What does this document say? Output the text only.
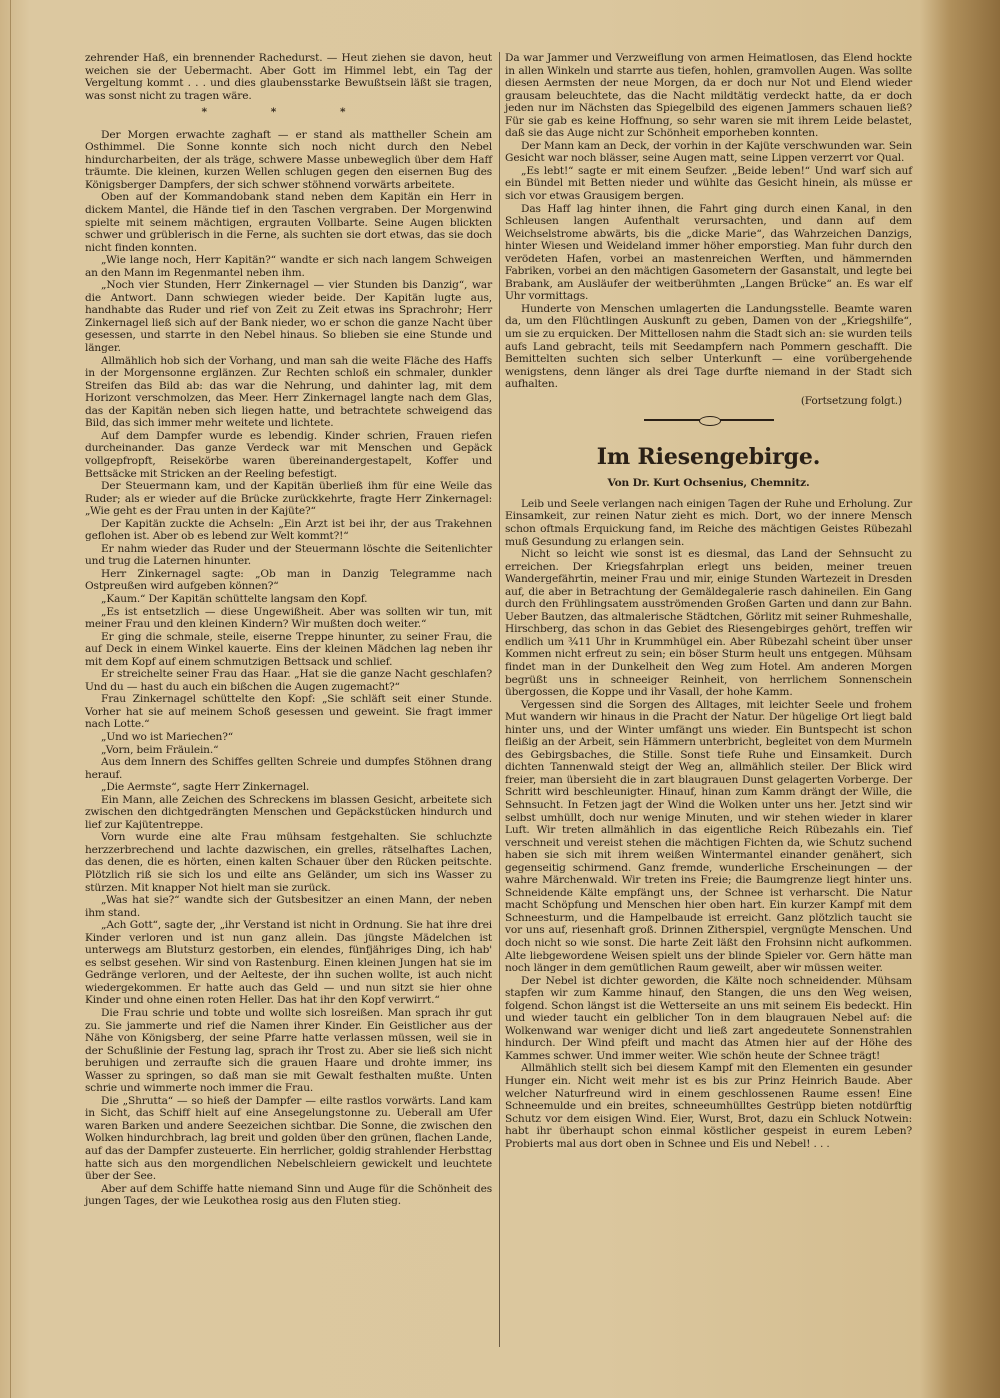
zehrender Haß, ein brennender Rachedurst. — Heut ziehen sie davon, heut weichen sie der Uebermacht. Aber Gott im Himmel lebt, ein Tag der Vergeltung kommt . . . und dies glaubensstarke Bewußtsein läßt sie tragen, was sonst nicht zu tragen wäre.

* * *

Der Morgen erwachte zaghaft — er stand als mattheller Schein am Osthimmel. Die Sonne konnte sich noch nicht durch den Nebel hindurcharbeiten, der als träge, schwere Masse unbeweglich über dem Haff träumte. Die kleinen, kurzen Wellen schlugen gegen den eisernen Bug des Königsberger Dampfers, der sich schwer stöhnend vorwärts arbeitete.

Oben auf der Kommandobank stand neben dem Kapitän ein Herr in dickem Mantel, die Hände tief in den Taschen vergraben. Der Morgenwind spielte mit seinem mächtigen, ergrauten Vollbarte. Seine Augen blickten schwer und grüblerisch in die Ferne, als suchten sie dort etwas, das sie doch nicht finden konnten.

„Wie lange noch, Herr Kapitän?“ wandte er sich nach langem Schweigen an den Mann im Regenmantel neben ihm.

„Noch vier Stunden, Herr Zinkernagel — vier Stunden bis Danzig“, war die Antwort. Dann schwiegen wieder beide. Der Kapitän lugte aus, handhabte das Ruder und rief von Zeit zu Zeit etwas ins Sprachrohr; Herr Zinkernagel ließ sich auf der Bank nieder, wo er schon die ganze Nacht über gesessen, und starrte in den Nebel hinaus. So blieben sie eine Stunde und länger.

Allmählich hob sich der Vorhang, und man sah die weite Fläche des Haffs in der Morgensonne erglänzen. Zur Rechten schloß ein schmaler, dunkler Streifen das Bild ab: das war die Nehrung, und dahinter lag, mit dem Horizont verschmolzen, das Meer. Herr Zinkernagel langte nach dem Glas, das der Kapitän neben sich liegen hatte, und betrachtete schweigend das Bild, das sich immer mehr weitete und lichtete.

Auf dem Dampfer wurde es lebendig. Kinder schrien, Frauen riefen durcheinander. Das ganze Verdeck war mit Menschen und Gepäck vollgepfropft, Reisekörbe waren übereinandergestapelt, Koffer und Bettsäcke mit Stricken an der Reeling befestigt.

Der Steuermann kam, und der Kapitän überließ ihm für eine Weile das Ruder; als er wieder auf die Brücke zurückkehrte, fragte Herr Zinkernagel: „Wie geht es der Frau unten in der Kajüte?“

Der Kapitän zuckte die Achseln: „Ein Arzt ist bei ihr, der aus Trakehnen geflohen ist. Aber ob es lebend zur Welt kommt?!“

Er nahm wieder das Ruder und der Steuermann löschte die Seitenlichter und trug die Laternen hinunter.

Herr Zinkernagel sagte: „Ob man in Danzig Telegramme nach Ostpreußen wird aufgeben können?“

„Kaum.“ Der Kapitän schüttelte langsam den Kopf.

„Es ist entsetzlich — diese Ungewißheit. Aber was sollten wir tun, mit meiner Frau und den kleinen Kindern? Wir mußten doch weiter.“

Er ging die schmale, steile, eiserne Treppe hinunter, zu seiner Frau, die auf Deck in einem Winkel kauerte. Eins der kleinen Mädchen lag neben ihr mit dem Kopf auf einem schmutzigen Bettsack und schlief.

Er streichelte seiner Frau das Haar. „Hat sie die ganze Nacht geschlafen? Und du — hast du auch ein bißchen die Augen zugemacht?“

Frau Zinkernagel schüttelte den Kopf: „Sie schläft seit einer Stunde. Vorher hat sie auf meinem Schoß gesessen und geweint. Sie fragt immer nach Lotte.“

„Und wo ist Mariechen?“

„Vorn, beim Fräulein.“

Aus dem Innern des Schiffes gellten Schreie und dumpfes Stöhnen drang herauf.

„Die Aermste“, sagte Herr Zinkernagel.

Ein Mann, alle Zeichen des Schreckens im blassen Gesicht, arbeitete sich zwischen den dichtgedrängten Menschen und Gepäckstücken hindurch und lief zur Kajütentreppe.

Vorn wurde eine alte Frau mühsam festgehalten. Sie schluchzte herzzerbrechend und lachte dazwischen, ein grelles, rätselhaftes Lachen, das denen, die es hörten, einen kalten Schauer über den Rücken peitschte. Plötzlich riß sie sich los und eilte ans Geländer, um sich ins Wasser zu stürzen. Mit knapper Not hielt man sie zurück.

„Was hat sie?“ wandte sich der Gutsbesitzer an einen Mann, der neben ihm stand.

„Ach Gott“, sagte der, „ihr Verstand ist nicht in Ordnung. Sie hat ihre drei Kinder verloren und ist nun ganz allein. Das jüngste Mädelchen ist unterwegs am Blutsturz gestorben, ein elendes, fünfjähriges Ding, ich hab' es selbst gesehen. Wir sind von Rastenburg. Einen kleinen Jungen hat sie im Gedränge verloren, und der Aelteste, der ihn suchen wollte, ist auch nicht wiedergekommen. Er hatte auch das Geld — und nun sitzt sie hier ohne Kinder und ohne einen roten Heller. Das hat ihr den Kopf verwirrt.“

Die Frau schrie und tobte und wollte sich losreißen. Man sprach ihr gut zu. Sie jammerte und rief die Namen ihrer Kinder. Ein Geistlicher aus der Nähe von Königsberg, der seine Pfarre hatte verlassen müssen, weil sie in der Schußlinie der Festung lag, sprach ihr Trost zu. Aber sie ließ sich nicht beruhigen und zerraufte sich die grauen Haare und drohte immer, ins Wasser zu springen, so daß man sie mit Gewalt festhalten mußte. Unten schrie und wimmerte noch immer die Frau.

Die „Shrutta“ — so hieß der Dampfer — eilte rastlos vorwärts. Land kam in Sicht, das Schiff hielt auf eine Ansegelungstonne zu. Ueberall am Ufer waren Barken und andere Seezeichen sichtbar. Die Sonne, die zwischen den Wolken hindurchbrach, lag breit und golden über den grünen, flachen Lande, auf das der Dampfer zusteuerte. Ein herrlicher, goldig strahlender Herbsttag hatte sich aus den morgendlichen Nebelschleiern gewickelt und leuchtete über der See.

Aber auf dem Schiffe hatte niemand Sinn und Auge für die Schönheit des jungen Tages, der wie Leukothea rosig aus den Fluten stieg.

Da war Jammer und Verzweiflung von armen Heimatlosen, das Elend hockte in allen Winkeln und starrte aus tiefen, hohlen, gramvollen Augen. Was sollte diesen Aermsten der neue Morgen, da er doch nur Not und Elend wieder grausam beleuchtete, das die Nacht mildtätig verdeckt hatte, da er doch jeden nur im Nächsten das Spiegelbild des eigenen Jammers schauen ließ? Für sie gab es keine Hoffnung, so sehr waren sie mit ihrem Leide belastet, daß sie das Auge nicht zur Schönheit emporheben konnten.

Der Mann kam an Deck, der vorhin in der Kajüte verschwunden war. Sein Gesicht war noch blässer, seine Augen matt, seine Lippen verzerrt vor Qual.

„Es lebt!“ sagte er mit einem Seufzer. „Beide leben!“ Und warf sich auf ein Bündel mit Betten nieder und wühlte das Gesicht hinein, als müsse er sich vor etwas Grausigem bergen.

Das Haff lag hinter ihnen, die Fahrt ging durch einen Kanal, in den Schleusen langen Aufenthalt verursachten, und dann auf dem Weichselstrome abwärts, bis die „dicke Marie“, das Wahrzeichen Danzigs, hinter Wiesen und Weideland immer höher emporstieg. Man fuhr durch den verödeten Hafen, vorbei an mastenreichen Werften, und hämmernden Fabriken, vorbei an den mächtigen Gasometern der Gasanstalt, und legte bei Brabank, am Ausläufer der weitberühmten „Langen Brücke“ an. Es war elf Uhr vormittags.

Hunderte von Menschen umlagerten die Landungsstelle. Beamte waren da, um den Flüchtlingen Auskunft zu geben, Damen von der „Kriegshilfe“, um sie zu erquicken. Der Mittellosen nahm die Stadt sich an: sie wurden teils aufs Land gebracht, teils mit Seedampfern nach Pommern geschafft. Die Bemittelten suchten sich selber Unterkunft — eine vorübergehende wenigstens, denn länger als drei Tage durfte niemand in der Stadt sich aufhalten.

(Fortsetzung folgt.)
Im Riesengebirge.
Von Dr. Kurt Ochsenius, Chemnitz.

Leib und Seele verlangen nach einigen Tagen der Ruhe und Erholung. Zur Einsamkeit, zur reinen Natur zieht es mich. Dort, wo der innere Mensch schon oftmals Erquickung fand, im Reiche des mächtigen Geistes Rübezahl muß Gesundung zu erlangen sein.

Nicht so leicht wie sonst ist es diesmal, das Land der Sehnsucht zu erreichen. Der Kriegsfahrplan erlegt uns beiden, meiner treuen Wandergefährtin, meiner Frau und mir, einige Stunden Wartezeit in Dresden auf, die aber in Betrachtung der Gemäldegalerie rasch dahineilen. Ein Gang durch den Frühlingsatem ausströmenden Großen Garten und dann zur Bahn. Ueber Bautzen, das altmalerische Städtchen, Görlitz mit seiner Ruhmeshalle, Hirschberg, das schon in das Gebiet des Riesengebirges gehört, treffen wir endlich um ¾11 Uhr in Krummhügel ein. Aber Rübezahl scheint über unser Kommen nicht erfreut zu sein; ein böser Sturm heult uns entgegen. Mühsam findet man in der Dunkelheit den Weg zum Hotel. Am anderen Morgen begrüßt uns in schneeiger Reinheit, von herrlichem Sonnenschein übergossen, die Koppe und ihr Vasall, der hohe Kamm.

Vergessen sind die Sorgen des Alltages, mit leichter Seele und frohem Mut wandern wir hinaus in die Pracht der Natur. Der hügelige Ort liegt bald hinter uns, und der Winter umfängt uns wieder. Ein Buntspecht ist schon fleißig an der Arbeit, sein Hämmern unterbricht, begleitet von dem Murmeln des Gebirgsbaches, die Stille. Sonst tiefe Ruhe und Einsamkeit. Durch dichten Tannenwald steigt der Weg an, allmählich steiler. Der Blick wird freier, man übersieht die in zart blaugrauen Dunst gelagerten Vorberge. Der Schritt wird beschleunigter. Hinauf, hinan zum Kamm drängt der Wille, die Sehnsucht. In Fetzen jagt der Wind die Wolken unter uns her. Jetzt sind wir selbst umhüllt, doch nur wenige Minuten, und wir stehen wieder in klarer Luft. Wir treten allmählich in das eigentliche Reich Rübezahls ein. Tief verschneit und vereist stehen die mächtigen Fichten da, wie Schutz suchend haben sie sich mit ihrem weißen Wintermantel einander genähert, sich gegenseitig schirmend. Ganz fremde, wunderliche Erscheinungen — der wahre Märchenwald. Wir treten ins Freie; die Baumgrenze liegt hinter uns. Schneidende Kälte empfängt uns, der Schnee ist verharscht. Die Natur macht Schöpfung und Menschen hier oben hart. Ein kurzer Kampf mit dem Schneesturm, und die Hampelbaude ist erreicht. Ganz plötzlich taucht sie vor uns auf, riesenhaft groß. Drinnen Zitherspiel, vergnügte Menschen. Und doch nicht so wie sonst. Die harte Zeit läßt den Frohsinn nicht aufkommen. Alte liebgewordene Weisen spielt uns der blinde Spieler vor. Gern hätte man noch länger in dem gemütlichen Raum geweilt, aber wir müssen weiter.

Der Nebel ist dichter geworden, die Kälte noch schneidender. Mühsam stapfen wir zum Kamme hinauf, den Stangen, die uns den Weg weisen, folgend. Schon längst ist die Wetterseite an uns mit seinem Eis bedeckt. Hin und wieder taucht ein gelblicher Ton in dem blaugrauen Nebel auf: die Wolkenwand war weniger dicht und ließ zart angedeutete Sonnenstrahlen hindurch. Der Wind pfeift und macht das Atmen hier auf der Höhe des Kammes schwer. Und immer weiter. Wie schön heute der Schnee trägt!

Allmählich stellt sich bei diesem Kampf mit den Elementen ein gesunder Hunger ein. Nicht weit mehr ist es bis zur Prinz Heinrich Baude. Aber welcher Naturfreund wird in einem geschlossenen Raume essen! Eine Schneemulde und ein breites, schneeumhülltes Gestrüpp bieten notdürftig Schutz vor dem eisigen Wind. Eier, Wurst, Brot, dazu ein Schluck Notwein: habt ihr überhaupt schon einmal köstlicher gespeist in eurem Leben? Probierts mal aus dort oben in Schnee und Eis und Nebel! . . .
